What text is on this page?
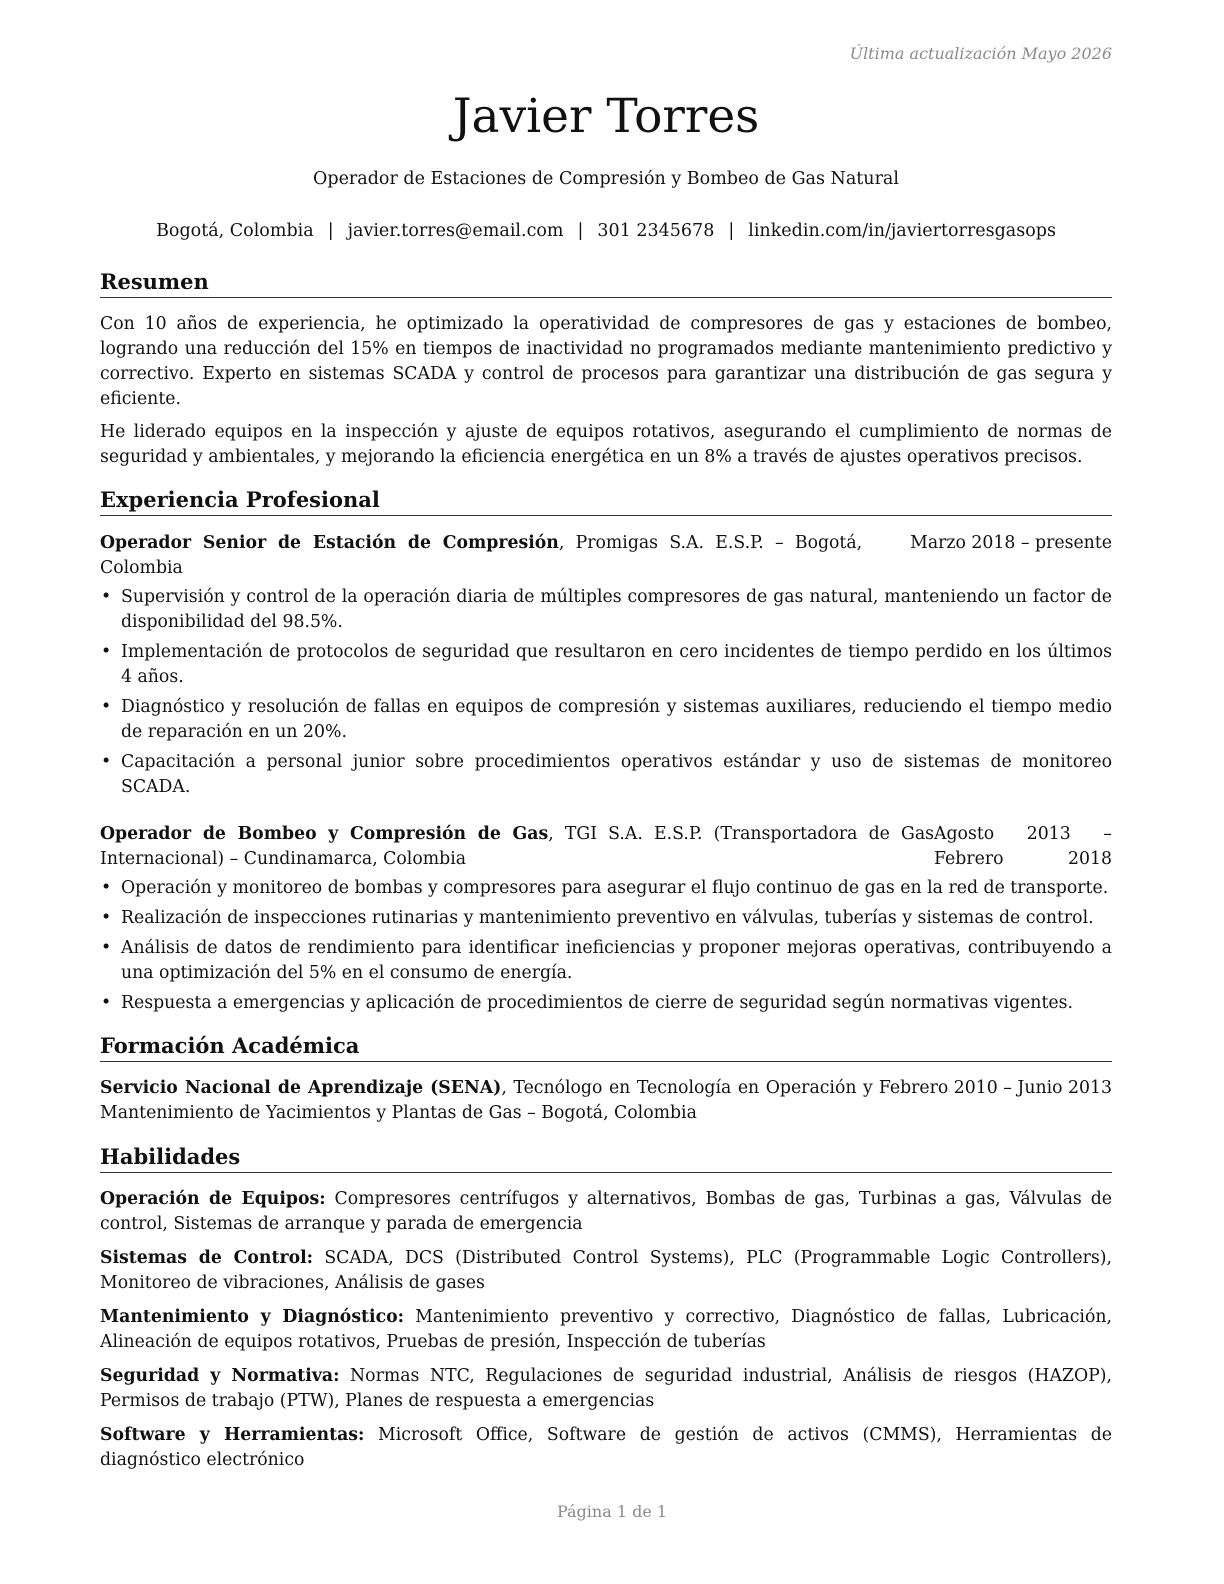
Última actualización Mayo 2026
Javier Torres
Operador de Estaciones de Compresión y Bombeo de Gas Natural
Bogotá, Colombia | javier.torres@email.com | 301 2345678 | linkedin.com/in/javiertorresgasops
Resumen

Con 10 años de experiencia, he optimizado la operatividad de compresores de gas y estaciones de bombeo, logrando una reducción del 15% en tiempos de inactividad no programados mediante mantenimiento predictivo y correctivo. Experto en sistemas SCADA y control de procesos para garantizar una distribución de gas segura y eficiente.

He liderado equipos en la inspección y ajuste de equipos rotativos, asegurando el cumplimiento de normas de seguridad y ambientales, y mejorando la eficiencia energética en un 8% a través de ajustes operativos precisos.

Experiencia Profesional
Operador Senior de Estación de Compresión, Promigas S.A. E.S.P. – Bogotá, Colombia
Marzo 2018 – presente
• Supervisión y control de la operación diaria de múltiples compresores de gas natural, manteniendo un factor de disponibilidad del 98.5%.
• Implementación de protocolos de seguridad que resultaron en cero incidentes de tiempo perdido en los últimos 4 años.
• Diagnóstico y resolución de fallas en equipos de compresión y sistemas auxiliares, reduciendo el tiempo medio de reparación en un 20%.
• Capacitación a personal junior sobre procedimientos operativos estándar y uso de sistemas de monitoreo SCADA.
Operador de Bombeo y Compresión de Gas, TGI S.A. E.S.P. (Transportadora de Gas Internacional) – Cundinamarca, Colombia
Agosto 2013 – Febrero 2018
• Operación y monitoreo de bombas y compresores para asegurar el flujo continuo de gas en la red de transporte.
• Realización de inspecciones rutinarias y mantenimiento preventivo en válvulas, tuberías y sistemas de control.
• Análisis de datos de rendimiento para identificar ineficiencias y proponer mejoras operativas, contribuyendo a una optimización del 5% en el consumo de energía.
• Respuesta a emergencias y aplicación de procedimientos de cierre de seguridad según normativas vigentes.
Formación Académica
Servicio Nacional de Aprendizaje (SENA), Tecnólogo en Tecnología en Operación y Mantenimiento de Yacimientos y Plantas de Gas – Bogotá, Colombia
Febrero 2010 – Junio 2013
Habilidades
Operación de Equipos: Compresores centrífugos y alternativos, Bombas de gas, Turbinas a gas, Válvulas de control, Sistemas de arranque y parada de emergencia
Sistemas de Control: SCADA, DCS (Distributed Control Systems), PLC (Programmable Logic Controllers), Monitoreo de vibraciones, Análisis de gases
Mantenimiento y Diagnóstico: Mantenimiento preventivo y correctivo, Diagnóstico de fallas, Lubricación, Alineación de equipos rotativos, Pruebas de presión, Inspección de tuberías
Seguridad y Normativa: Normas NTC, Regulaciones de seguridad industrial, Análisis de riesgos (HAZOP), Permisos de trabajo (PTW), Planes de respuesta a emergencias
Software y Herramientas: Microsoft Office, Software de gestión de activos (CMMS), Herramientas de diagnóstico electrónico
Página 1 de 1
